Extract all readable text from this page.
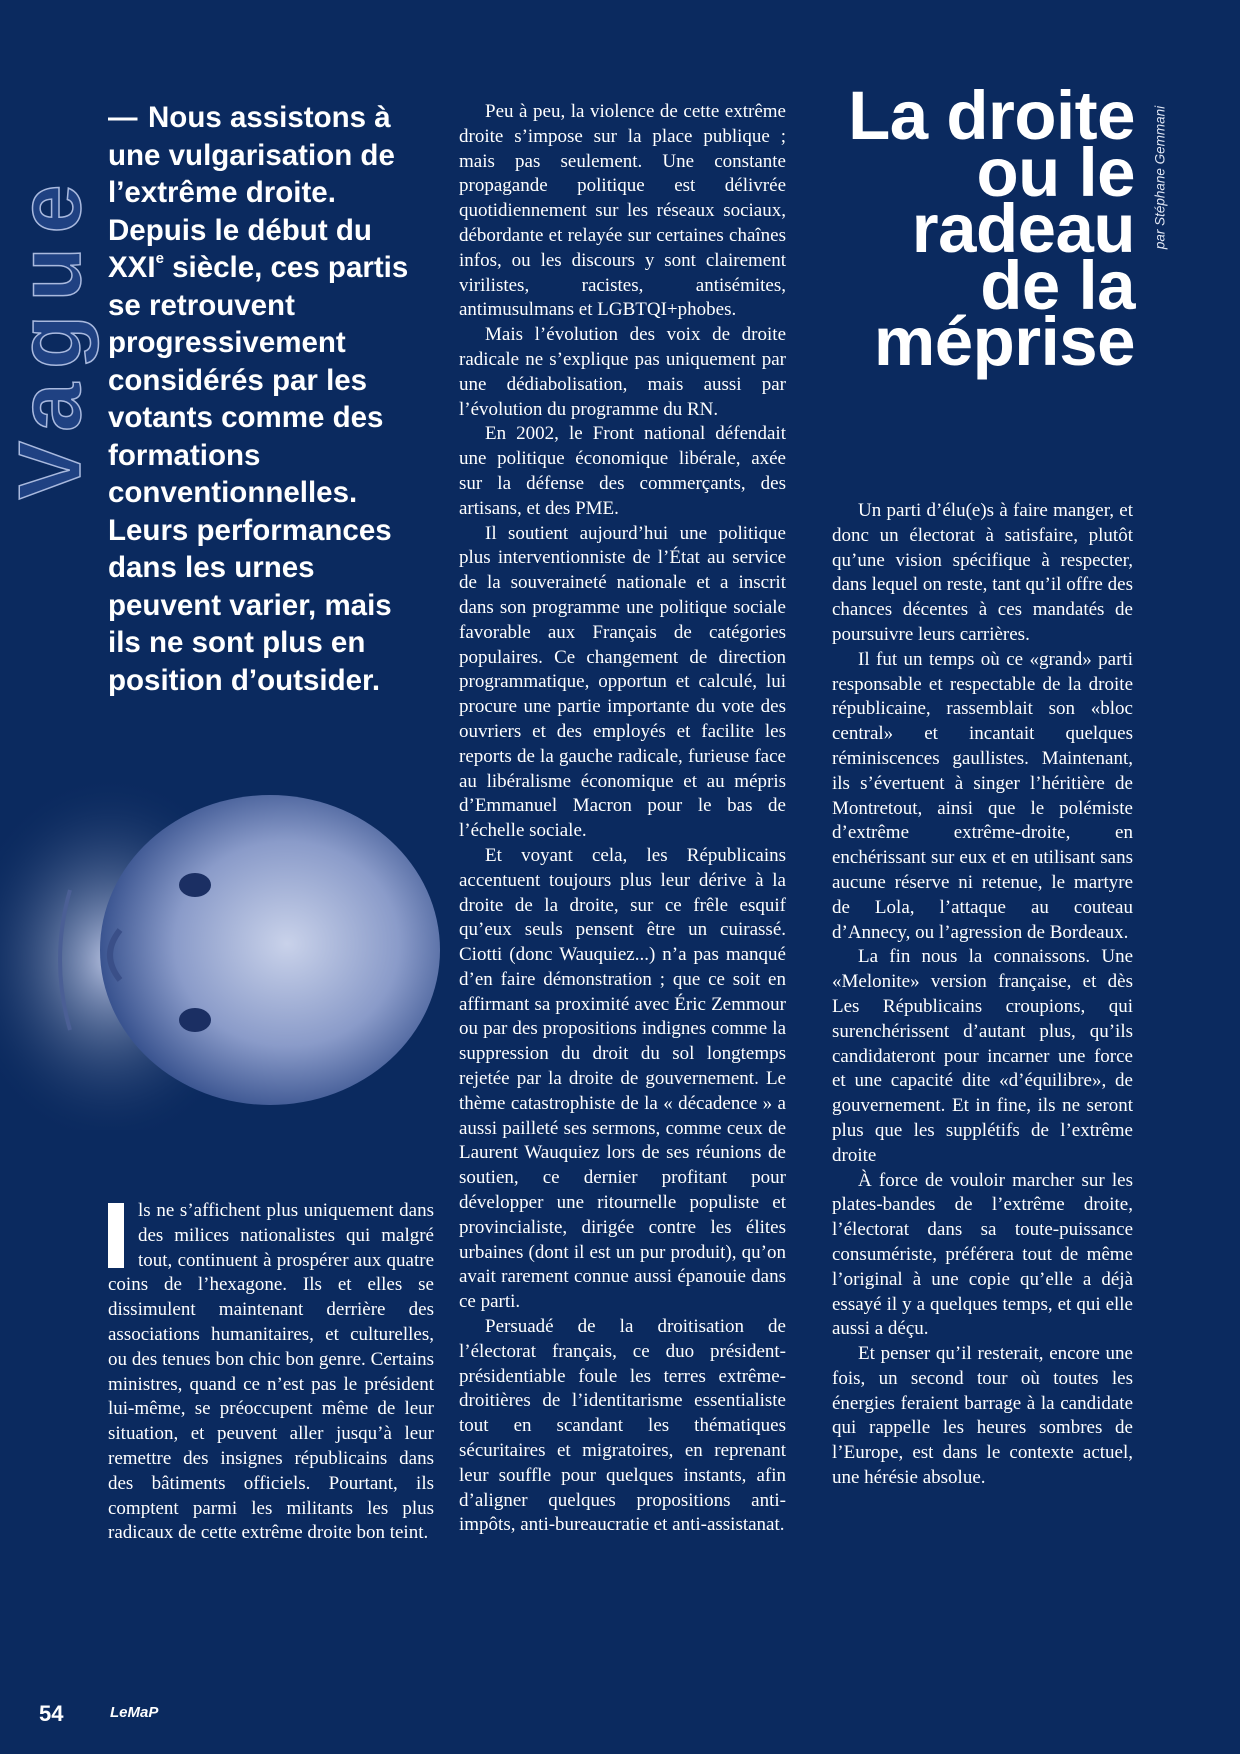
Vague
— Nous assistons à une vulgarisation de l’extrême droite. Depuis le début du XXIe siècle, ces partis se retrouvent progressivement considérés par les votants comme des formations conventionnelles. Leurs performances dans les urnes peuvent varier, mais ils ne sont plus en position d’outsider.

ls ne s’affichent plus uniquement dans des milices nationalistes qui malgré tout, continuent à prospérer aux quatre coins de l’hexagone. Ils et elles se dissimulent maintenant derrière des associations humanitaires, et culturelles, ou des tenues bon chic bon genre. Certains ministres, quand ce n’est pas le président lui-même, se préoccupent même de leur situation, et peuvent aller jusqu’à leur remettre des insignes républicains dans des bâtiments officiels. Pourtant, ils comptent parmi les militants les plus radicaux de cette extrême droite bon teint.

Peu à peu, la violence de cette extrême droite s’impose sur la place publique ; mais pas seulement. Une constante propagande politique est délivrée quotidiennement sur les réseaux sociaux, débordante et relayée sur certaines chaînes infos, ou les discours y sont clairement virilistes, racistes, antisémites, antimusulmans et LGBTQI+phobes.

Mais l’évolution des voix de droite radicale ne s’explique pas uniquement par une dédiabolisation, mais aussi par l’évolution du programme du RN.

En 2002, le Front national défendait une politique économique libérale, axée sur la défense des commerçants, des artisans, et des PME.

Il soutient aujourd’hui une politique plus interventionniste de l’État au service de la souveraineté nationale et a inscrit dans son programme une politique sociale favorable aux Français de catégories populaires. Ce changement de direction programmatique, opportun et calculé, lui procure une partie importante du vote des ouvriers et des employés et facilite les reports de la gauche radicale, furieuse face au libéralisme économique et au mépris d’Emmanuel Macron pour le bas de l’échelle sociale.

Et voyant cela, les Républicains accentuent toujours plus leur dérive à la droite de la droite, sur ce frêle esquif qu’eux seuls pensent être un cuirassé. Ciotti (donc Wauquiez...) n’a pas manqué d’en faire démonstration ; que ce soit en affirmant sa proximité avec Éric Zemmour ou par des propositions indignes comme la suppression du droit du sol longtemps rejetée par la droite de gouvernement. Le thème catastrophiste de la « décadence » a aussi pailleté ses sermons, comme ceux de Laurent Wauquiez lors de ses réunions de soutien, ce dernier profitant pour développer une ritournelle populiste et provincialiste, dirigée contre les élites urbaines (dont il est un pur produit), qu’on avait rarement connue aussi épanouie dans ce parti.

Persuadé de la droitisation de l’électorat français, ce duo président-présidentiable foule les terres extrême-droitières de l’identitarisme essentialiste tout en scandant les thématiques sécuritaires et migratoires, en reprenant leur souffle pour quelques instants, afin d’aligner quelques propositions anti-impôts, anti-bureaucratie et anti-assistanat.

La droite
ou le
radeau
de la
méprise
par Stéphane Gemmani

Un parti d’élu(e)s à faire manger, et donc un électorat à satisfaire, plutôt qu’une vision spécifique à respecter, dans lequel on reste, tant qu’il offre des chances décentes à ces mandatés de poursuivre leurs carrières.

Il fut un temps où ce «grand» parti responsable et respectable de la droite républicaine, rassemblait son «bloc central» et incantait quelques réminiscences gaullistes. Maintenant, ils s’évertuent à singer l’héritière de Montretout, ainsi que le polémiste d’extrême extrême-droite, en enchérissant sur eux et en utilisant sans aucune réserve ni retenue, le martyre de Lola, l’attaque au couteau d’Annecy, ou l’agression de Bordeaux.

La fin nous la connaissons. Une «Melonite» version française, et dès Les Républicains croupions, qui surenchérissent d’autant plus, qu’ils candidateront pour incarner une force et une capacité dite «d’équilibre», de gouvernement. Et in fine, ils ne seront plus que les supplétifs de l’extrême droite

À force de vouloir marcher sur les plates-bandes de l’extrême droite, l’électorat dans sa toute-puissance consumériste, préférera tout de même l’original à une copie qu’elle a déjà essayé il y a quelques temps, et qui elle aussi a déçu.

Et penser qu’il resterait, encore une fois, un second tour où toutes les énergies feraient barrage à la candidate qui rappelle les heures sombres de l’Europe, est dans le contexte actuel, une hérésie absolue.

54	LeMaP
